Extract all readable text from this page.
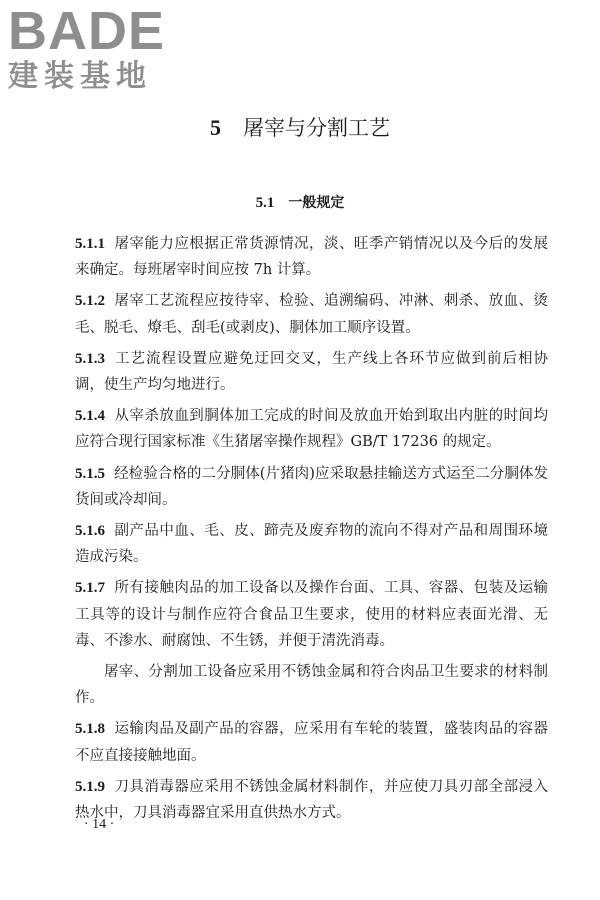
BADE
建装基地
5 屠宰与分割工艺
5.1 一般规定

5.1.1 屠宰能力应根据正常货源情况，淡、旺季产销情况以及今后的发展来确定。每班屠宰时间应按 7h 计算。

5.1.2 屠宰工艺流程应按待宰、检验、追溯编码、冲淋、刺杀、放血、烫毛、脱毛、燎毛、刮毛(或剥皮)、胴体加工顺序设置。

5.1.3 工艺流程设置应避免迂回交叉，生产线上各环节应做到前后相协调，使生产均匀地进行。

5.1.4 从宰杀放血到胴体加工完成的时间及放血开始到取出内脏的时间均应符合现行国家标准《生猪屠宰操作规程》GB/T 17236 的规定。

5.1.5 经检验合格的二分胴体(片猪肉)应采取悬挂输送方式运至二分胴体发货间或冷却间。

5.1.6 副产品中血、毛、皮、蹄壳及废弃物的流向不得对产品和周围环境造成污染。

5.1.7 所有接触肉品的加工设备以及操作台面、工具、容器、包装及运输工具等的设计与制作应符合食品卫生要求，使用的材料应表面光滑、无毒、不渗水、耐腐蚀、不生锈，并便于清洗消毒。

屠宰、分割加工设备应采用不锈蚀金属和符合肉品卫生要求的材料制作。

5.1.8 运输肉品及副产品的容器，应采用有车轮的装置，盛装肉品的容器不应直接接触地面。

5.1.9 刀具消毒器应采用不锈蚀金属材料制作，并应使刀具刃部全部浸入热水中，刀具消毒器宜采用直供热水方式。

· 14 ·
